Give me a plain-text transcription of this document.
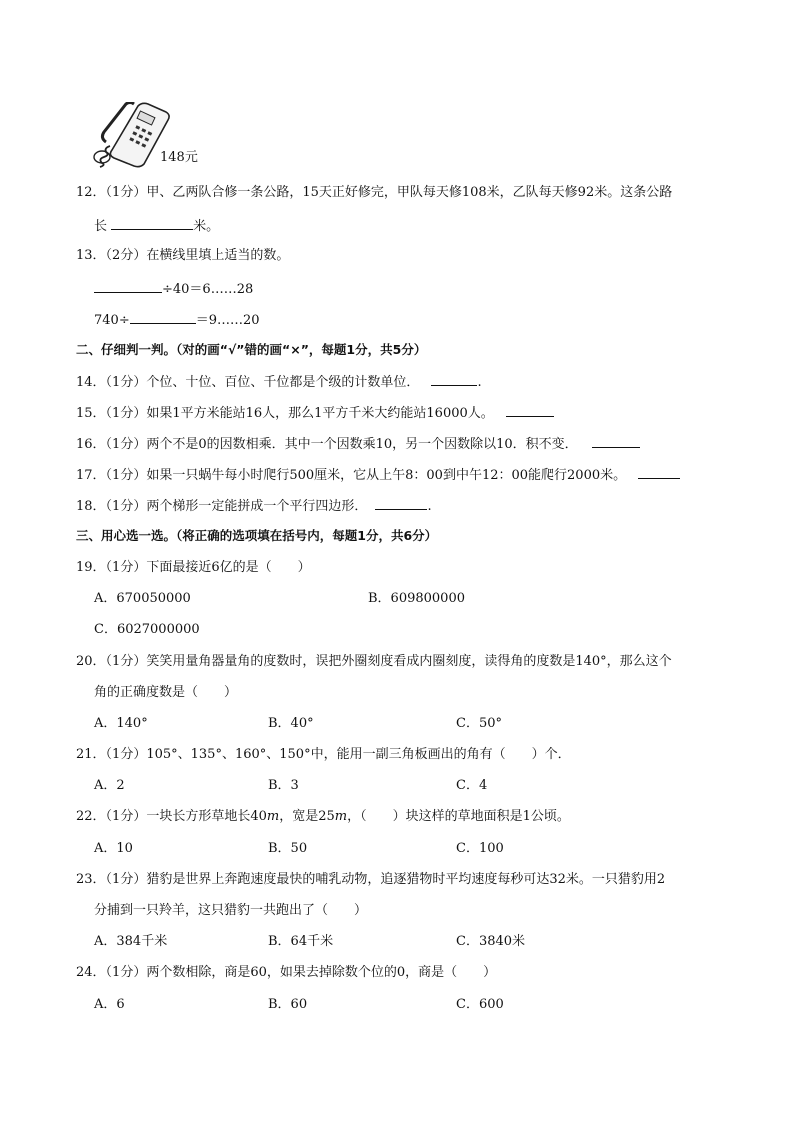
148元
12．（1分）甲、乙两队合修一条公路，15天正好修完，甲队每天修108米，乙队每天修92米。这条公路
长	米。
13．（2分）在横线里填上适当的数。
÷40＝6……28
740÷	＝9……20
二、仔细判一判。（对的画“√”错的画“×”，每题1分，共5分）
14．（1分）个位、十位、百位、千位都是个级的计数单位．	.
15．（1分）如果1平方米能站16人，那么1平方千米大约能站16000人。
16．（1分）两个不是0的因数相乘．其中一个因数乘10，另一个因数除以10．积不变．
17．（1分）如果一只蜗牛每小时爬行500厘米，它从上午8：00到中午12：00能爬行2000米。
18．（1分）两个梯形一定能拼成一个平行四边形．	.
三、用心选一选。（将正确的选项填在括号内，每题1分，共6分）
19．（1分）下面最接近6亿的是（　　）
A．670050000	B．609800000
C．6027000000
20．（1分）笑笑用量角器量角的度数时，误把外圈刻度看成内圈刻度，读得角的度数是140°，那么这个
角的正确度数是（　　）
A．140°	B．40°	C．50°
21．（1分）105°、135°、160°、150°中，能用一副三角板画出的角有（　　）个．
A．2	B．3	C．4
22．（1分）一块长方形草地长40m，宽是25m，（　　）块这样的草地面积是1公顷。
A．10	B．50	C．100
23．（1分）猎豹是世界上奔跑速度最快的哺乳动物，追逐猎物时平均速度每秒可达32米。一只猎豹用2
分捕到一只羚羊，这只猎豹一共跑出了（　　）
A．384千米	B．64千米	C．3840米
24．（1分）两个数相除，商是60，如果去掉除数个位的0，商是（　　）
A．6	B．60	C．600
